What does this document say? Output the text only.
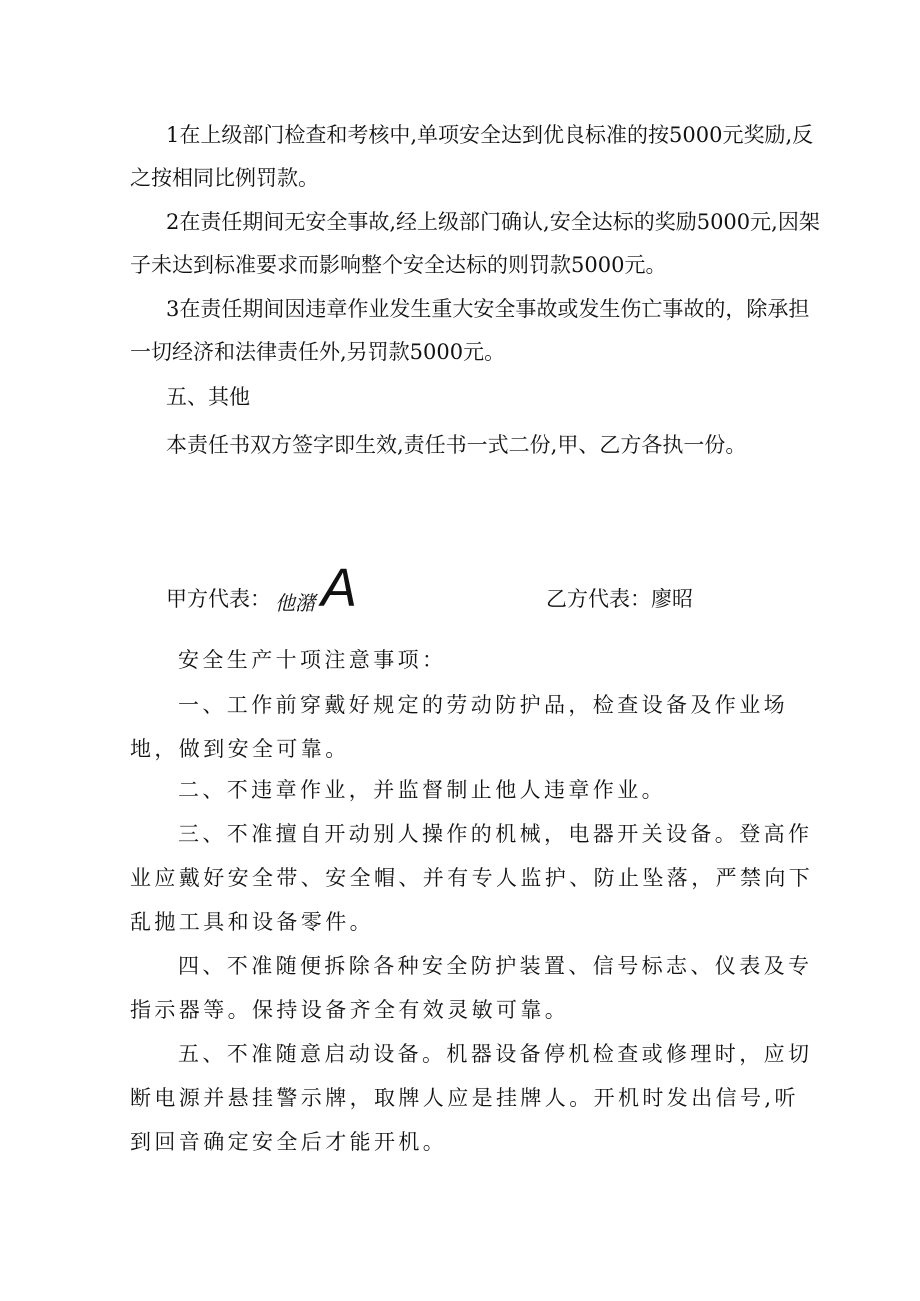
1在上级部门检查和考核中,单项安全达到优良标准的按5000元奖励,反之按相同比例罚款。

2在责任期间无安全事故,经上级部门确认,安全达标的奖励5000元,因架子未达到标准要求而影响整个安全达标的则罚款5000元。

3在责任期间因违章作业发生重大安全事故或发生伤亡事故的，除承担一切经济和法律责任外,另罚款5000元。

五、其他

本责任书双方签字即生效,责任书一式二份,甲、乙方各执一份。

甲方代表： 他潴 A	乙方代表：廖昭

安全生产十项注意事项：

一、工作前穿戴好规定的劳动防护品，检查设备及作业场地，做到安全可靠。

二、不违章作业，并监督制止他人违章作业。

三、不准擅自开动别人操作的机械，电器开关设备。登高作业应戴好安全带、安全帽、并有专人监护、防止坠落，严禁向下乱抛工具和设备零件。

四、不准随便拆除各种安全防护装置、信号标志、仪表及专指示器等。保持设备齐全有效灵敏可靠。

五、不准随意启动设备。机器设备停机检查或修理时，应切断电源并悬挂警示牌，取牌人应是挂牌人。开机时发出信号,听到回音确定安全后才能开机。
